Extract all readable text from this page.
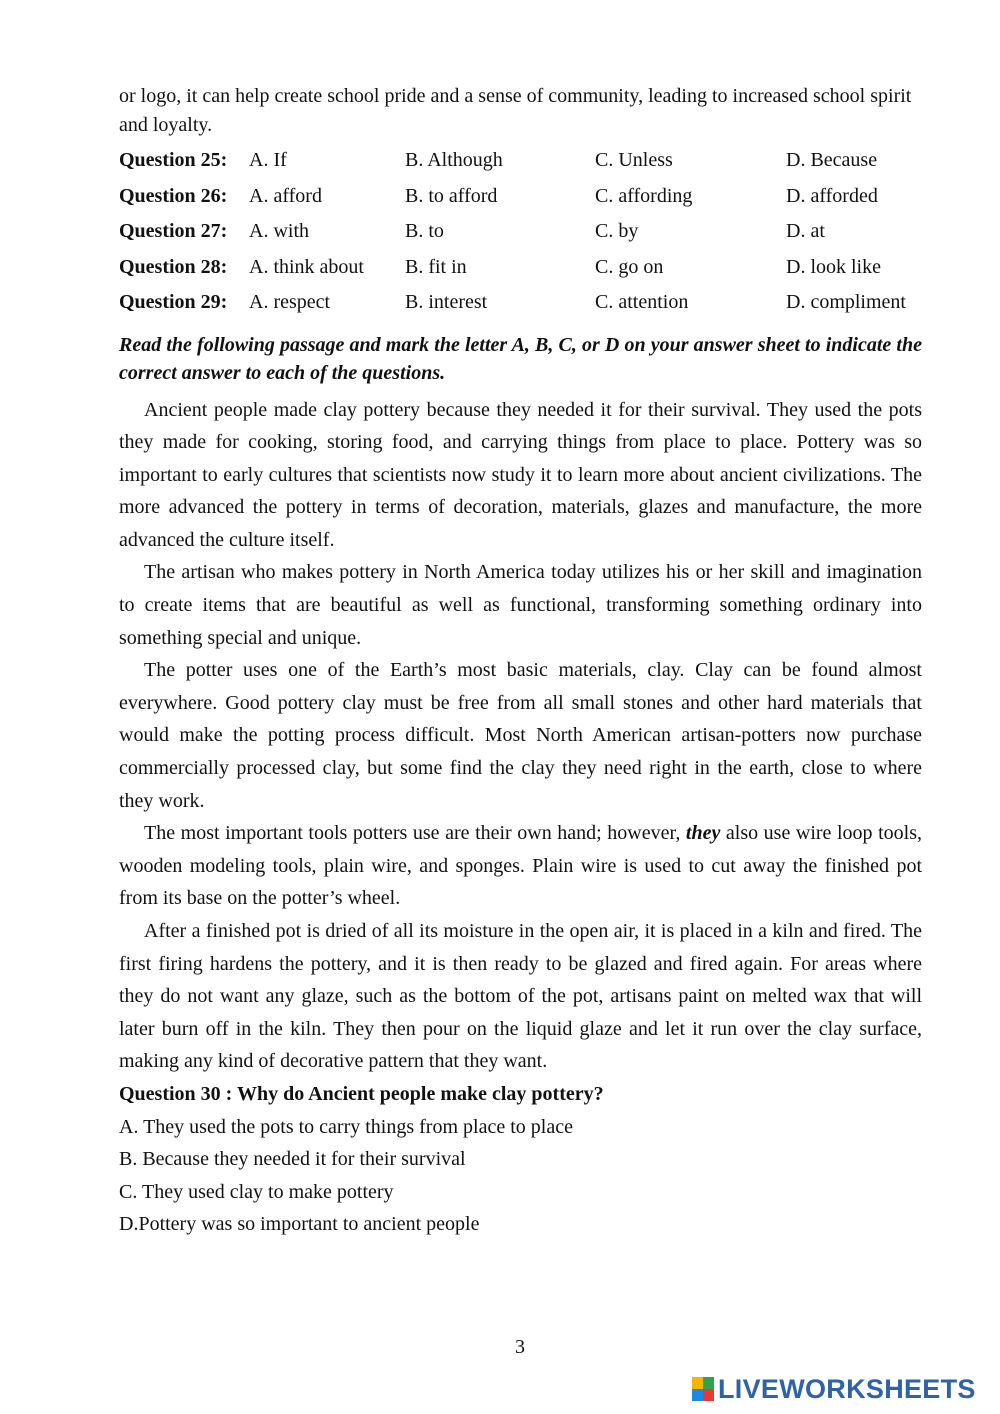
or logo, it can help create school pride and a sense of community, leading to increased school spirit and loyalty.

Question 25: A. If	B. Although	C. Unless	D. Because
Question 26: A. afford	B. to afford	C. affording	D. afforded
Question 27: A. with	B. to	C. by	D. at
Question 28: A. think about B. fit in	C. go on	D. look like
Question 29: A. respect	B. interest	C. attention	D. compliment

Read the following passage and mark the letter A, B, C, or D on your answer sheet to indicate the correct answer to each of the questions.

Ancient people made clay pottery because they needed it for their survival. They used the pots they made for cooking, storing food, and carrying things from place to place. Pottery was so important to early cultures that scientists now study it to learn more about ancient civilizations. The more advanced the pottery in terms of decoration, materials, glazes and manufacture, the more advanced the culture itself.

The artisan who makes pottery in North America today utilizes his or her skill and imagination to create items that are beautiful as well as functional, transforming something ordinary into something special and unique.

The potter uses one of the Earth’s most basic materials, clay. Clay can be found almost everywhere. Good pottery clay must be free from all small stones and other hard materials that would make the potting process difficult. Most North American artisan-potters now purchase commercially processed clay, but some find the clay they need right in the earth, close to where they work.

The most important tools potters use are their own hand; however, they also use wire loop tools, wooden modeling tools, plain wire, and sponges. Plain wire is used to cut away the finished pot from its base on the potter’s wheel.

After a finished pot is dried of all its moisture in the open air, it is placed in a kiln and fired. The first firing hardens the pottery, and it is then ready to be glazed and fired again. For areas where they do not want any glaze, such as the bottom of the pot, artisans paint on melted wax that will later burn off in the kiln. They then pour on the liquid glaze and let it run over the clay surface, making any kind of decorative pattern that they want.

Question 30 : Why do Ancient people make clay pottery?

A. They used the pots to carry things from place to place

B. Because they needed it for their survival

C. They used clay to make pottery

D.Pottery was so important to ancient people

3
LIVEWORKSHEETS
